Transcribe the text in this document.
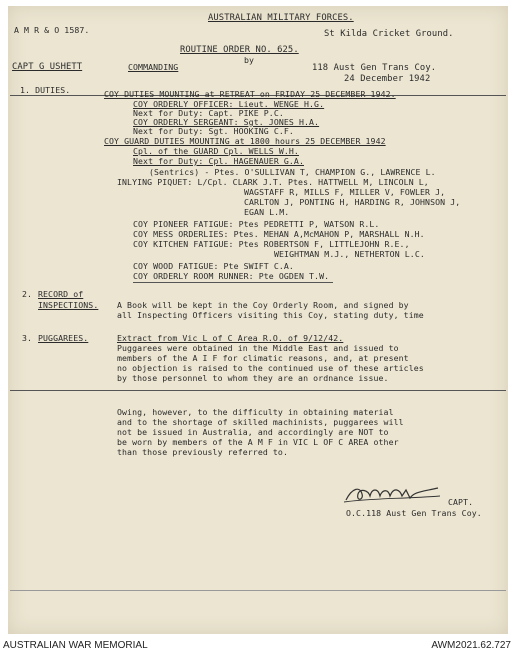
A M R & O 1587.
AUSTRALIAN MILITARY FORCES.
St Kilda Cricket Ground.
ROUTINE ORDER NO. 625.
by
CAPT G USHETT	COMMANDING	118 Aust Gen Trans Coy.
24 December 1942
1. DUTIES.	COY DUTIES MOUNTING at RETREAT on FRIDAY 25 DECEMBER 1942.
COY ORDERLY OFFICER: Lieut. WENGE H.G.
Next for Duty: Capt. PIKE P.C.
COY ORDERLY SERGEANT: Sgt. JONES H.A.
Next for Duty: Sgt. HOOKING C.F.
COY GUARD DUTIES MOUNTING at 1800 hours 25 DECEMBER 1942
Cpl. of the GUARD Cpl. WELLS W.H.
Next for Duty: Cpl. HAGENAUER G.A.
(Sentrics) - Ptes. O'SULLIVAN T, CHAMPION G., LAWRENCE L.
INLYING PIQUET: L/Cpl. CLARK J.T. Ptes. HATTWELL M, LINCOLN L,
WAGSTAFF R, MILLS F, MILLER V, FOWLER J,
CARLTON J, PONTING H, HARDING R, JOHNSON J,
EGAN L.M.
COY PIONEER FATIGUE: Ptes PEDRETTI P, WATSON R.L.
COY MESS ORDERLIES: Ptes. MEHAN A,McMAHON P, MARSHALL N.H.
COY KITCHEN FATIGUE: Ptes ROBERTSON F, LITTLEJOHN R.E.,
WEIGHTMAN M.J., NETHERTON L.C.
COY WOOD FATIGUE: Pte SWIFT C.A.
COY ORDERLY ROOM RUNNER: Pte OGDEN T.W.
2. RECORD of
INSPECTIONS. A Book will be kept in the Coy Orderly Room, and signed by
all Inspecting Officers visiting this Coy, stating duty, time
3. PUGGAREES.	Extract from Vic L of C Area R.O. of 9/12/42.
Puggarees were obtained in the Middle East and issued to
members of the A I F for climatic reasons, and, at present
no objection is raised to the continued use of these articles
by those personnel to whom they are an ordnance issue.
Owing, however, to the difficulty in obtaining material
and to the shortage of skilled machinists, puggarees will
not be issued in Australia, and accordingly are NOT to
be worn by members of the A M F in VIC L OF C AREA other
than those previously referred to.
CAPT.
O.C.118 Aust Gen Trans Coy.
AUSTRALIAN WAR MEMORIAL	AWM2021.62.727
